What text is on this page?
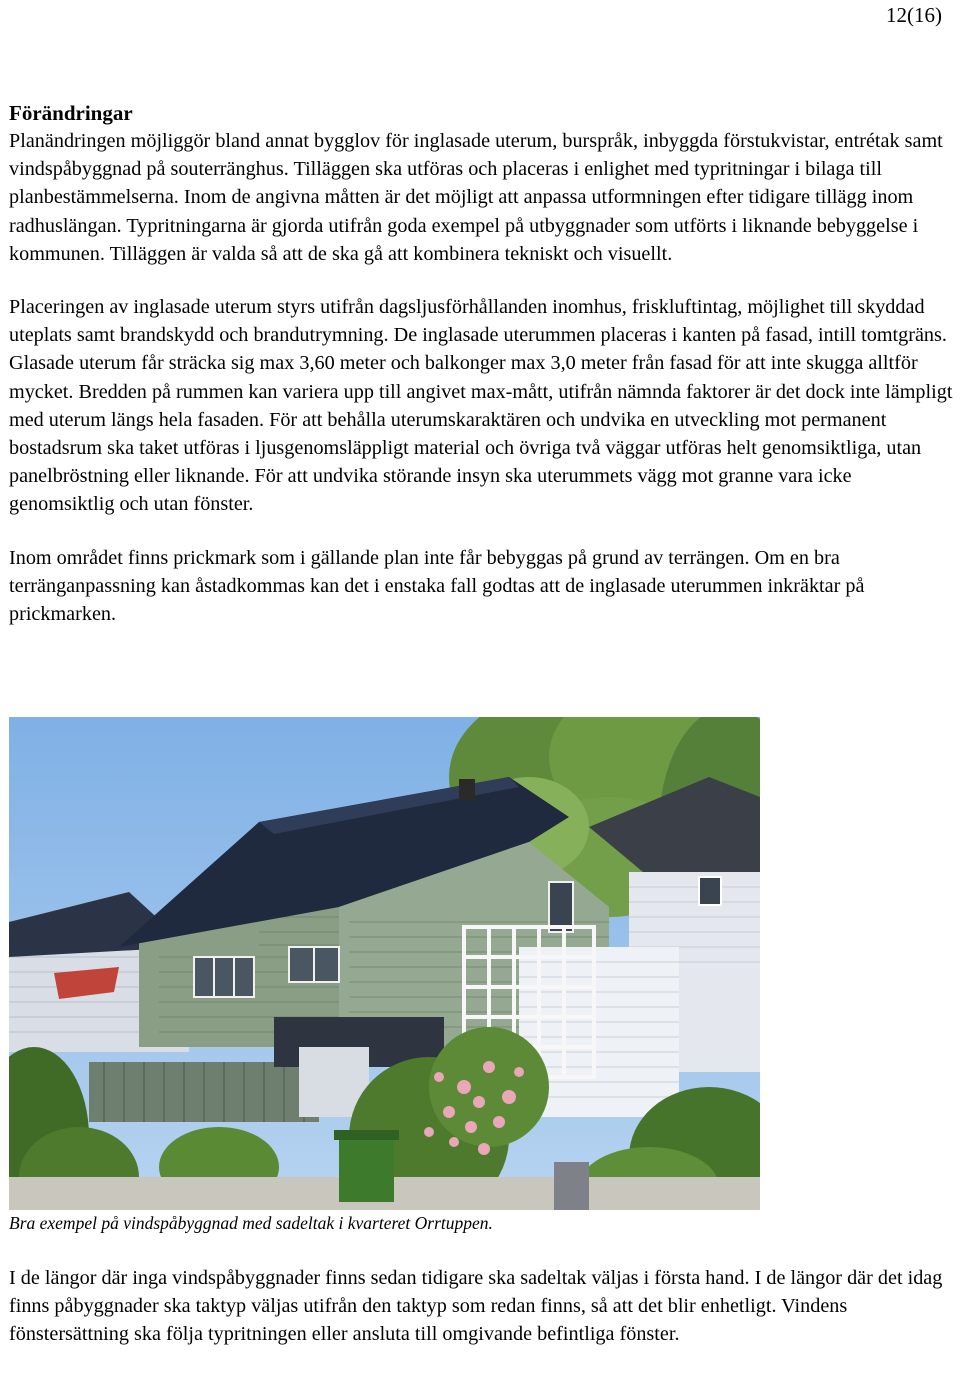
12(16)

Förändringar

Planändringen möjliggör bland annat bygglov för inglasade uterum, burspråk, inbyggda förstukvistar, entrétak samt vindspåbyggnad på souterränghus. Tilläggen ska utföras och placeras i enlighet med typritningar i bilaga till planbestämmelserna. Inom de angivna måtten är det möjligt att anpassa utformningen efter tidigare tillägg inom radhuslängan. Typritningarna är gjorda utifrån goda exempel på utbyggnader som utförts i liknande bebyggelse i kommunen. Tilläggen är valda så att de ska gå att kombinera tekniskt och visuellt.

Placeringen av inglasade uterum styrs utifrån dagsljusförhållanden inomhus, friskluftintag, möjlighet till skyddad uteplats samt brandskydd och brandutrymning. De inglasade uterummen placeras i kanten på fasad, intill tomtgräns. Glasade uterum får sträcka sig max 3,60 meter och balkonger max 3,0 meter från fasad för att inte skugga alltför mycket. Bredden på rummen kan variera upp till angivet max-mått, utifrån nämnda faktorer är det dock inte lämpligt med uterum längs hela fasaden. För att behålla uterumskaraktären och undvika en utveckling mot permanent bostadsrum ska taket utföras i ljusgenomsläppligt material och övriga två väggar utföras helt genomsiktliga, utan panelbröstning eller liknande. För att undvika störande insyn ska uterummets vägg mot granne vara icke genomsiktlig och utan fönster.

Inom området finns prickmark som i gällande plan inte får bebyggas på grund av terrängen. Om en bra terränganpassning kan åstadkommas kan det i enstaka fall godtas att de inglasade uterummen inkräktar på prickmarken.

Bra exempel på vindspåbyggnad med sadeltak i kvarteret Orrtuppen.

I de längor där inga vindspåbyggnader finns sedan tidigare ska sadeltak väljas i första hand. I de längor där det idag finns påbyggnader ska taktyp väljas utifrån den taktyp som redan finns, så att det blir enhetligt. Vindens fönstersättning ska följa typritningen eller ansluta till omgivande befintliga fönster.
